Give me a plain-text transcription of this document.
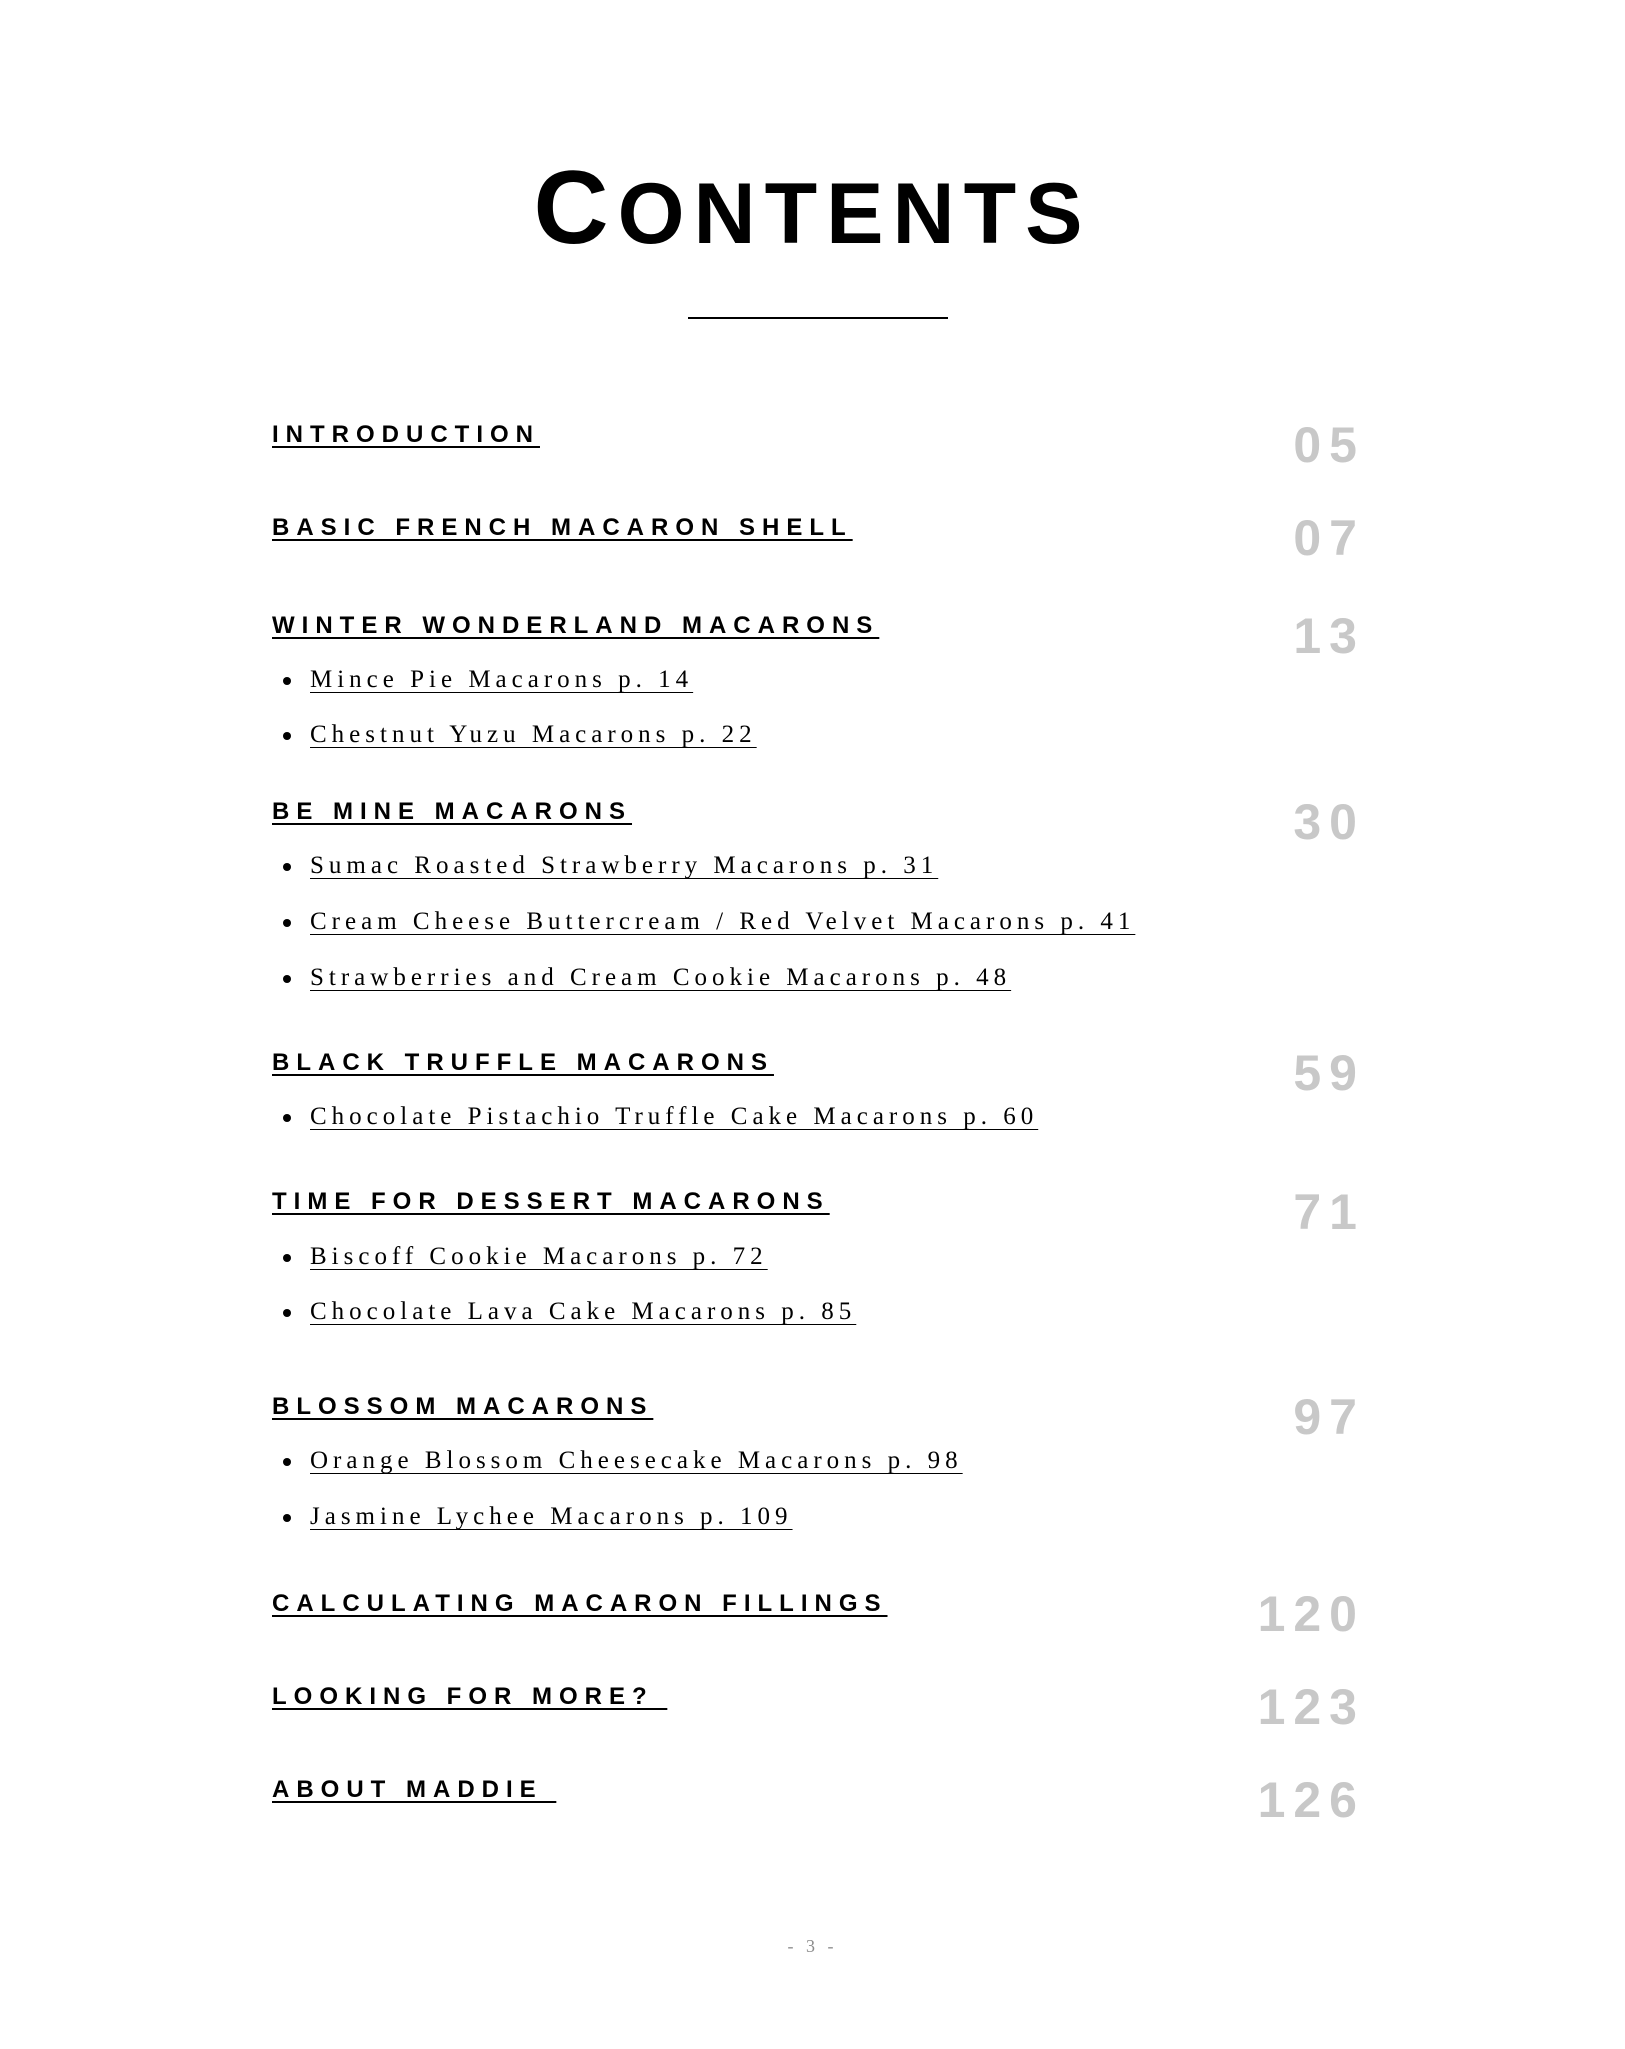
CONTENTS
INTRODUCTION	05
BASIC FRENCH MACARON SHELL	07
WINTER WONDERLAND MACARONS	13
Mince Pie Macarons p. 14
Chestnut Yuzu Macarons p. 22
BE MINE MACARONS	30
Sumac Roasted Strawberry Macarons p. 31
Cream Cheese Buttercream / Red Velvet Macarons p. 41
Strawberries and Cream Cookie Macarons p. 48
BLACK TRUFFLE MACARONS	59
Chocolate Pistachio Truffle Cake Macarons p. 60
TIME FOR DESSERT MACARONS	71
Biscoff Cookie Macarons p. 72
Chocolate Lava Cake Macarons p. 85
BLOSSOM MACARONS	97
Orange Blossom Cheesecake Macarons p. 98
Jasmine Lychee Macarons p. 109
CALCULATING MACARON FILLINGS	120
LOOKING FOR MORE?	123
ABOUT MADDIE	126
- 3 -
